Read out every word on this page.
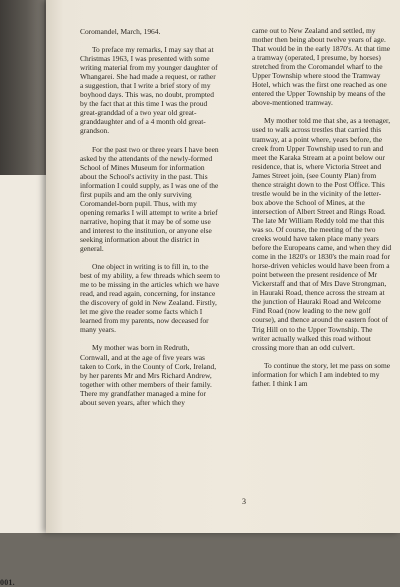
001.

Coromandel, March, 1964.

To preface my remarks, I may say that at Christmas 1963, I was presented with some writing material from my younger daughter of Whangarei. She had made a request, or rather a suggestion, that I write a brief story of my boyhood days. This was, no doubt, prompted by the fact that at this time I was the proud great-granddad of a two year old great-granddaughter and of a 4 month old great-grandson.

For the past two or three years I have been asked by the attendants of the newly-formed School of Mines Museum for information about the School's activity in the past. This information I could supply, as I was one of the first pupils and am the only surviving Coromandel-born pupil. Thus, with my opening remarks I will attempt to write a brief narrative, hoping that it may be of some use and interest to the institution, or anyone else seeking information about the district in general.

One object in writing is to fill in, to the best of my ability, a few threads which seem to me to be missing in the articles which we have read, and read again, concerning, for instance the discovery of gold in New Zealand. Firstly, let me give the reader some facts which I learned from my parents, now deceased for many years.

My mother was born in Redruth, Cornwall, and at the age of five years was taken to Cork, in the County of Cork, Ireland, by her parents Mr and Mrs Richard Andrew, together with other members of their family. There my grandfather managed a mine for about seven years, after which they

came out to New Zealand and settled, my mother then being about twelve years of age. That would be in the early 1870's. At that time a tramway (operated, I presume, by horses) stretched from the Coromandel wharf to the Upper Township where stood the Tramway Hotel, which was the first one reached as one entered the Upper Township by means of the above-mentioned tramway.

My mother told me that she, as a teenager, used to walk across trestles that carried this tramway, at a point where, years before, the creek from Upper Township used to run and meet the Karaka Stream at a point below our residence, that is, where Victoria Street and James Street join, (see County Plan) from thence straight down to the Post Office. This trestle would be in the vicinity of the letter-box above the School of Mines, at the intersection of Albert Street and Rings Road. The late Mr William Reddy told me that this was so. Of course, the meeting of the two creeks would have taken place many years before the Europeans came, and when they did come in the 1820's or 1830's the main road for horse-driven vehicles would have been from a point between the present residence of Mr Vickerstaff and that of Mrs Dave Strongman, in Hauraki Road, thence across the stream at the junction of Hauraki Road and Welcome Find Road (now leading to the new golf course), and thence around the eastern foot of Trig Hill on to the Upper Township. The writer actually walked this road without crossing more than an odd culvert.

To continue the story, let me pass on some information for which I am indebted to my father. I think I am

3
